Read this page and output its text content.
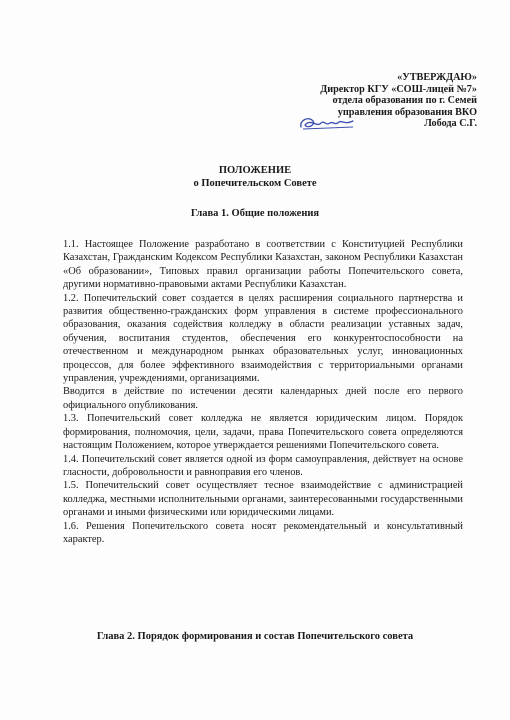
«УТВЕРЖДАЮ»
Директор КГУ «СОШ-лицей №7»
отдела образования по г. Семей
управления образования ВКО
Лобода С.Г.
ПОЛОЖЕНИЕ
о Попечительском Совете
Глава 1. Общие положения

1.1. Настоящее Положение разработано в соответствии с Конституцией Республики Казахстан, Гражданским Кодексом Республики Казахстан, законом Республики Казахстан «Об образовании», Типовых правил организации работы Попечительского совета, другими нормативно-правовыми актами Республики Казахстан.

1.2. Попечительский совет создается в целях расширения социального партнерства и развития общественно-гражданских форм управления в системе профессионального образования, оказания содействия колледжу в области реализации уставных задач, обучения, воспитания студентов, обеспечения его конкурентоспособности на отечественном и международном рынках образовательных услуг, инновационных процессов, для более эффективного взаимодействия с территориальными органами управления, учреждениями, организациями.

Вводится в действие по истечении десяти календарных дней после его первого официального опубликования.

1.3. Попечительский совет колледжа не является юридическим лицом. Порядок формирования, полномочия, цели, задачи, права Попечительского совета определяются настоящим Положением, которое утверждается решениями Попечительского совета.

1.4. Попечительский совет является одной из форм самоуправления, действует на основе гласности, добровольности и равноправия его членов.

1.5. Попечительский совет осуществляет тесное взаимодействие с администрацией колледжа, местными исполнительными органами, заинтересованными государственными органами и иными физическими или юридическими лицами.

1.6. Решения Попечительского совета носят рекомендательный и консультативный характер.

Глава 2. Порядок формирования и состав Попечительского совета
